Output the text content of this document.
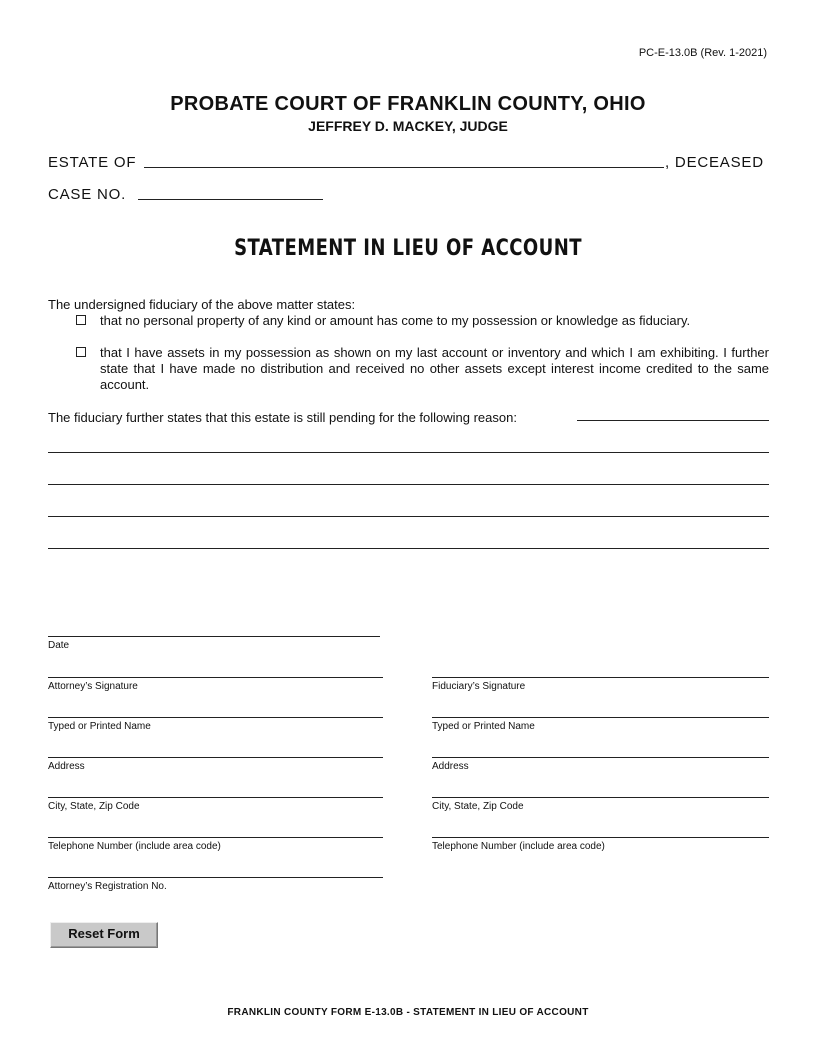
PC-E-13.0B (Rev. 1-2021)
PROBATE COURT OF FRANKLIN COUNTY, OHIO
JEFFREY D. MACKEY, JUDGE
ESTATE OF	, DECEASED
CASE NO.
STATEMENT IN LIEU OF ACCOUNT
The undersigned fiduciary of the above matter states:
that no personal property of any kind or amount has come to my possession or knowledge as fiduciary.
that I have assets in my possession as shown on my last account or inventory and which I am exhibiting. I further state that I have made no distribution and received no other assets except interest income credited to the same account.
The fiduciary further states that this estate is still pending for the following reason:
Date
Attorney’s Signature
Typed or Printed Name
Address
City, State, Zip Code
Telephone Number (include area code)
Attorney’s Registration No.
Fiduciary’s Signature
Typed or Printed Name
Address
City, State, Zip Code
Telephone Number (include area code)
Reset Form
FRANKLIN COUNTY FORM E-13.0B - STATEMENT IN LIEU OF ACCOUNT
